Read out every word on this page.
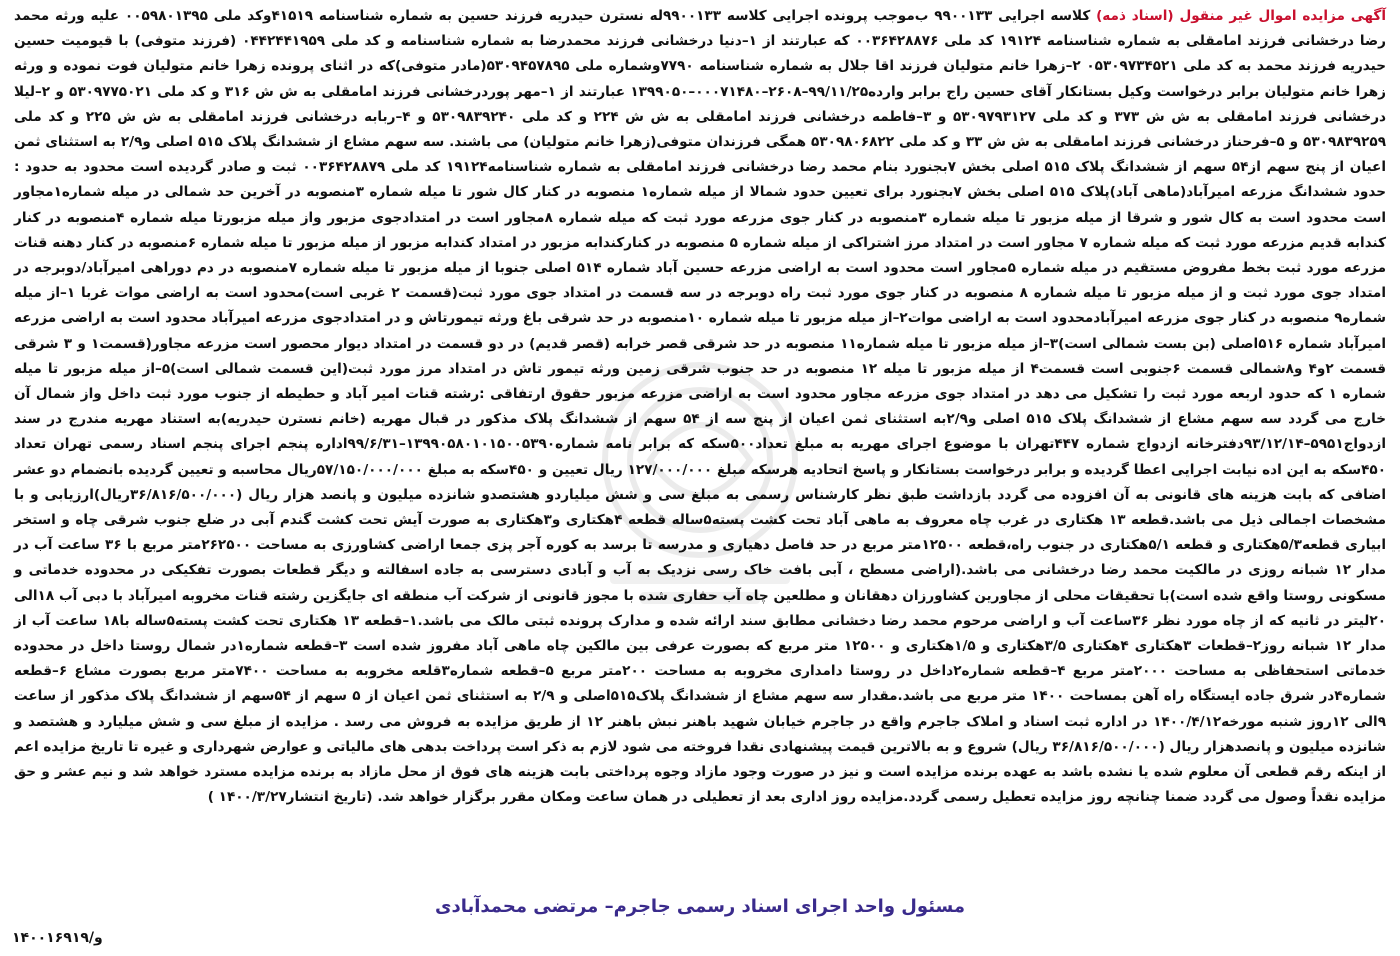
آگهی مزایده اموال غیر منقول (اسناد ذمه) کلاسه اجرایی ۹۹۰۰۱۳۳ ب‌موجب پرونده اجرایی کلاسه ۹۹۰۰۱۳۳له نسترن حیدریه فرزند حسین به شماره شناسنامه ۴۱۵۱۹وکد ملی ۰۰۵۹۸۰۱۳۹۵ علیه ورثه محمد رضا درخشانی فرزند امامقلی به شماره شناسنامه ۱۹۱۲۴ کد ملی ۰۰۳۶۴۲۸۸۷۶ که عبارتند از ۱–دنیا درخشانی فرزند محمدرضا به شماره شناسنامه و کد ملی ۰۴۴۲۴۴۱۹۵۹ (فرزند متوفی) با قیومیت حسین حیدریه فرزند محمد به کد ملی ۰۵۳۰۹۷۳۴۵۲۱ ۲–زهرا خانم متولیان فرزند اقا جلال به شماره شناسنامه ۷۷۹۰وشماره ملی ۵۳۰۹۴۵۷۸۹۵(مادر متوفی)که در اثنای پرونده زهرا خانم متولیان فوت نموده و ورثه زهرا خانم متولیان برابر درخواست وکیل بستانکار آقای حسین راج برابر وارده۹۹/۱۱/۲۵–۲۶۰۸–۰۰۰۷۱۴۸۰–۱۳۹۹۰۵۰ عبارتند از ۱–مهر پوردرخشانی فرزند امامقلی به ش ش ۳۱۶ و کد ملی ۵۳۰۹۷۷۵۰۲۱ و ۲–لیلا درخشانی فرزند امامقلی به ش ش ۳۷۳ و کد ملی ۵۳۰۹۷۹۳۱۲۷ و ۳–فاطمه درخشانی فرزند امامقلی به ش ش ۲۲۴ و کد ملی ۵۳۰۹۸۳۹۲۴۰ و ۴–ربابه درخشانی فرزند امامقلی به ش ش ۲۲۵ و کد ملی ۵۳۰۹۸۳۹۲۵۹ و ۵–فرحناز درخشانی فرزند امامقلی به ش ش ۳۳ و کد ملی ۵۳۰۹۸۰۶۸۲۲ همگی فرزندان متوفی(زهرا خانم متولیان) می باشند. سه سهم مشاع از ششدانگ پلاک ۵۱۵ اصلی و۲/۹ به استثنای ثمن اعیان از پنج سهم از۵۴ سهم از ششدانگ پلاک ۵۱۵ اصلی بخش ۷بجنورد بنام محمد رضا درخشانی فرزند امامقلی به شماره شناسنامه۱۹۱۲۴ کد ملی ۰۰۳۶۴۲۸۸۷۹ ثبت و صادر گردیده است محدود به حدود : حدود ششدانگ مزرعه امیرآباد(ماهی آباد)پلاک ۵۱۵ اصلی بخش ۷بجنورد برای تعیین حدود شمالا از میله شماره۱ منصوبه در کنار کال شور تا میله شماره ۳منصوبه در آخرین حد شمالی در میله شماره۱مجاور است محدود است به کال شور و شرقا از میله مزبور تا میله شماره ۳منصوبه در کنار جوی مزرعه مورد ثبت که میله شماره ۸مجاور است در امتدادجوی مزبور واز میله مزبورتا میله شماره ۴منصوبه در کنار کندابه قدیم مزرعه مورد ثبت که میله شماره ۷ مجاور است در امتداد مرز اشتراکی از میله شماره ۵ منصوبه در کنارکندابه مزبور در امتداد کندابه مزبور از میله مزبور تا میله شماره ۶منصوبه در کنار دهنه قنات مزرعه مورد ثبت بخط مفروض مستقیم در میله شماره ۵مجاور است محدود است به اراضی مزرعه حسین آباد شماره ۵۱۴ اصلی جنوبا از میله مزبور تا میله شماره ۷منصوبه در دم دوراهی امیرآباد/دوبرجه در امتداد جوی مورد ثبت و از میله مزبور تا میله شماره ۸ منصوبه در کنار جوی مورد ثبت راه دوبرجه در سه قسمت در امتداد جوی مورد ثبت(قسمت ۲ غربی است)محدود است به اراضی موات غربا ۱–از میله شماره۹ منصوبه در کنار جوی مزرعه امیرآبادمحدود است به اراضی موات۲–از میله مزبور تا میله شماره ۱۰منصوبه در حد شرقی باغ ورثه تیمورتاش و در امتدادجوی مزرعه امیرآباد محدود است به اراضی مزرعه امیرآباد شماره ۵۱۶اصلی (بن بست شمالی است)۳–از میله مزبور تا میله شماره۱۱ منصوبه در حد شرقی قصر خرابه (قصر قدیم) در دو قسمت در امتداد دیوار محصور است مزرعه مجاور(قسمت۱ و ۳ شرقی قسمت ۲و۴ و۸شمالی قسمت ۶جنوبی است قسمت۴ از میله مزبور تا میله ۱۲ منصوبه در حد جنوب شرقی زمین ورثه تیمور تاش در امتداد مرز مورد ثبت(این قسمت شمالی است)۵–از میله مزبور تا میله شماره ۱ که حدود اربعه مورد ثبت را تشکیل می دهد در امتداد جوی مزرعه مجاور محدود است به اراضی مزرعه مزبور حقوق ارتفاقی :رشته قنات امیر آباد و حطیطه از جنوب مورد ثبت داخل واز شمال آن خارج می گردد سه سهم مشاع از ششدانگ پلاک ۵۱۵ اصلی و۲/۹به استثنای ثمن اعیان از پنج سه از ۵۴ سهم از ششدانگ پلاک مذکور در قبال مهریه (خانم نسترن حیدریه)به استناد مهریه مندرج در سند ازدواج۵۹۵۱–۹۳/۱۲/۱۴دفترخانه ازدواج شماره ۴۴۷تهران با موضوع اجرای مهریه به مبلغ تعداد۵۰۰سکه که برابر نامه شماره۱۳۹۹۰۵۸۰۱۰۱۵۰۰۵۳۹۰–۹۹/۶/۳۱اداره پنجم اجرای پنجم اسناد رسمی تهران تعداد ۴۵۰سکه به این اده نیابت اجرایی اعطا گردیده و برابر درخواست بستانکار و پاسخ اتحادیه هرسکه مبلغ ۱۲۷/۰۰۰/۰۰۰ ریال تعیین و ۴۵۰سکه به مبلغ ۵۷/۱۵۰/۰۰۰/۰۰۰ریال محاسبه و تعیین گردیده بانضمام دو عشر اضافی که بابت هزینه های قانونی به آن افزوده می گردد بازداشت طبق نظر کارشناس رسمی به مبلغ سی و شش میلیاردو هشتصدو شانزده میلیون و پانصد هزار ریال (۳۶/۸۱۶/۵۰۰/۰۰۰ریال)ارزیابی و با مشخصات اجمالی ذیل می باشد.قطعه ۱۳ هکتاری در غرب چاه معروف به ماهی آباد تحت کشت پسته۵ساله قطعه ۴هکتاری و۳هکتاری به صورت آیش تحت کشت گندم آبی در ضلع جنوب شرقی چاه و استخر ابیاری قطعه۵/۳هکتاری و قطعه ۵/۱هکتاری در جنوب راه،قطعه ۱۲۵۰۰متر مربع در حد فاصل دهیاری و مدرسه تا برسد به کوره آجر پزی جمعا اراضی کشاورزی به مساحت ۲۶۲۵۰۰متر مربع با ۳۶ ساعت آب در مدار ۱۲ شبانه روزی در مالکیت محمد رضا درخشانی می باشد.(اراضی مسطح ، آبی بافت خاک رسی نزدیک به آب و آبادی دسترسی به جاده اسفالته و دیگر قطعات بصورت تفکیکی در محدوده خدماتی و مسکونی روستا واقع شده است)با تحقیقات محلی از مجاورین کشاورزان دهقانان و مطلعین چاه آب حفاری شده با مجوز قانونی از شرکت آب منطقه ای جایگزین رشته قنات مخروبه امیرآباد با دبی آب ۱۸الی ۲۰لیتر در ثانیه که از چاه مورد نظر ۳۶ساعت آب و اراضی مرحوم محمد رضا دخشانی مطابق سند ارائه شده و مدارک پرونده ثبتی مالک می باشد.۱–قطعه ۱۳ هکتاری تحت کشت پسته۵ساله با۱۸ ساعت آب از مدار ۱۲ شبانه روز۲–قطعات ۳هکتاری ۴هکتاری ۳/۵هکتاری و ۱/۵هکتاری و ۱۲۵۰۰ متر مربع که بصورت عرفی بین مالکین چاه ماهی آباد مفروز شده است ۳–قطعه شماره۱در شمال روستا داخل در محدوده خدماتی استحفاظی به مساحت ۲۰۰۰متر مربع ۴–قطعه شماره۲داخل در روستا دامداری مخروبه به مساحت ۲۰۰متر مربع ۵–قطعه شماره۳قلعه مخروبه به مساحت ۷۴۰۰متر مربع بصورت مشاع ۶–قطعه شماره۴در شرق جاده ایستگاه راه آهن بمساحت ۱۴۰۰ متر مربع می باشد.مقدار سه سهم مشاع از ششدانگ پلاک۵۱۵اصلی و ۲/۹ به استثنای ثمن اعیان از ۵ سهم از ۵۴سهم از ششدانگ پلاک مذکور از ساعت ۹الی ۱۲روز شنبه مورخه۱۴۰۰/۴/۱۲ در اداره ثبت اسناد و املاک جاجرم واقع در جاجرم خیابان شهید باهنر نبش باهنر ۱۲ از طریق مزایده به فروش می رسد . مزایده از مبلغ سی و شش میلیارد و هشتصد و شانزده میلیون و پانصدهزار ریال (۳۶/۸۱۶/۵۰۰/۰۰۰ ریال) شروع و به بالاترین قیمت پیشنهادی نقدا فروخته می شود لازم به ذکر است پرداخت بدهی های مالیاتی و عوارض شهرداری و غیره تا تاریخ مزایده اعم از اینکه رقم قطعی آن معلوم شده یا نشده باشد به عهده برنده مزایده است و نیز در صورت وجود مازاد وجوه پرداختی بابت هزینه های فوق از محل مازاد به برنده مزایده مسترد خواهد شد و نیم عشر و حق مزایده نقداً وصول می گردد ضمنا چنانچه روز مزایده تعطیل رسمی گردد.مزایده روز اداری بعد از تعطیلی در همان ساعت ومکان مقرر برگزار خواهد شد. (تاریخ انتشار۱۴۰۰/۳/۲۷ )

مسئول واحد اجرای اسناد رسمی جاجرم– مرتضی محمدآبادی
۱۴۰۰۱۶۹۱۹/و
